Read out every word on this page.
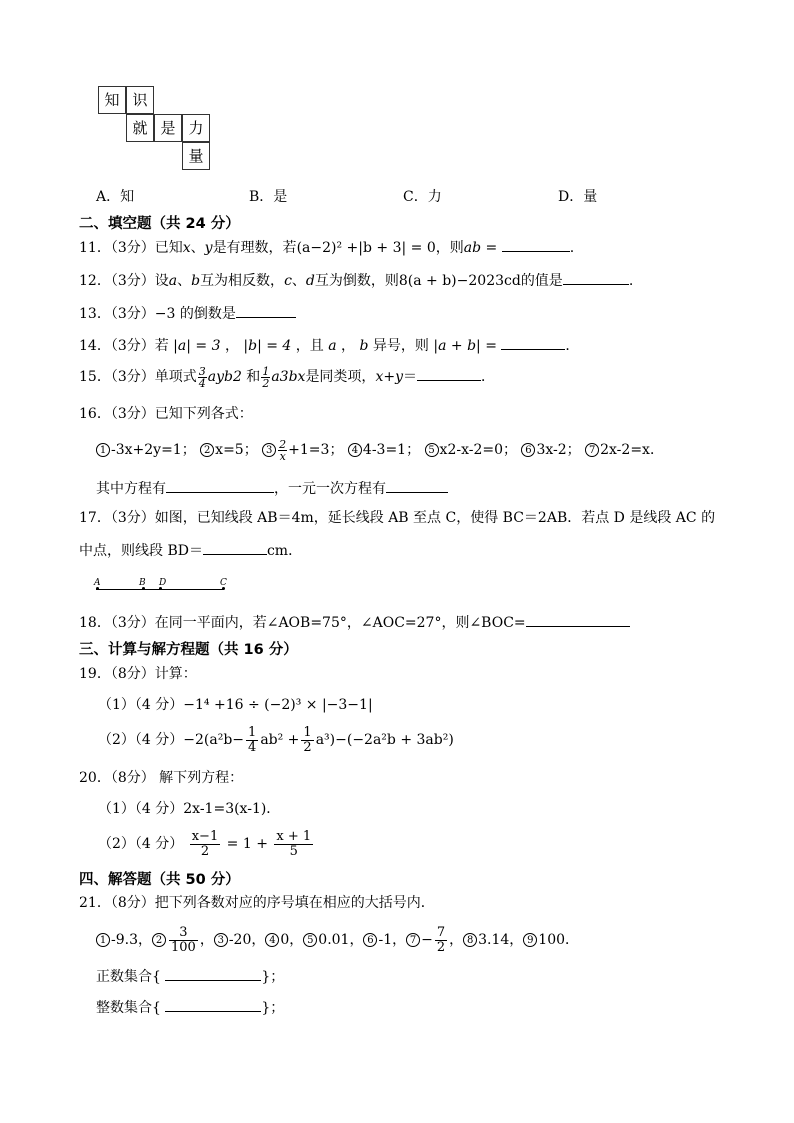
知 识
就 是 力
量
A．知	B．是	C．力	D．量
二、填空题（共 24 分）
11．（3分）已知x、y是有理数，若(a−2)² +|b + 3| = 0，则ab =	.
12．（3分）设a、b互为相反数，c、d互为倒数，则8(a + b)−2023cd的值是	.
13．（3分）−3 的倒数是
14．（3分）若 |a| = 3 ， |b| = 4 ，且 a ， b 异号，则 |a + b| =	．
15．（3分）单项式 $\frac{3}{4} ayb2$ 和 $\frac{1}{2} a3bx$是同类项，x+y＝	．
16．（3分）已知下列各式：
1 -3x+2y=1； 2 x=5； $3 \frac{2}{x} +1=3$； 4 4-3=1； 5 x2-x-2=0； 6 3x-2； 7 2x-2=x．
其中方程有	，一元一次方程有
17．（3分）如图，已知线段 AB＝4m，延长线段 AB 至点 C，使得 BC＝2AB．若点 D 是线段 AC 的
中点，则线段 BD＝	cm．
A	B D	C
18．（3分）在同一平面内，若∠AOB=75°，∠AOC=27°，则∠BOC=
三、计算与解方程题（共 16 分）
19．（8分）计算：
（1）（4 分）−1⁴ +16 ÷ (−2)³ × |−3−1|
（2）（4 分）$-2(a^2b- \frac{1}{4} ab^2 + \frac{1}{2} a^3)-(-2a^2b + 3ab^2)$
20．（8分） 解下列方程：
（1）（4 分）2x-1=3(x-1)．
（2）（4 分） $\frac{x-1}{2} = 1 + \frac{x + 1}{5}$
四、解答题（共 50 分）
21．（8分）把下列各数对应的序号填在相应的大括号内．
1 -9.3， $2 \frac{3}{100}$ ， 3 -20， 4 0， 5 0.01， 6 -1， $7 - \frac{7}{2}$ ， 8 3.14， 9 100．
正数集合{	}；
整数集合{	}；
